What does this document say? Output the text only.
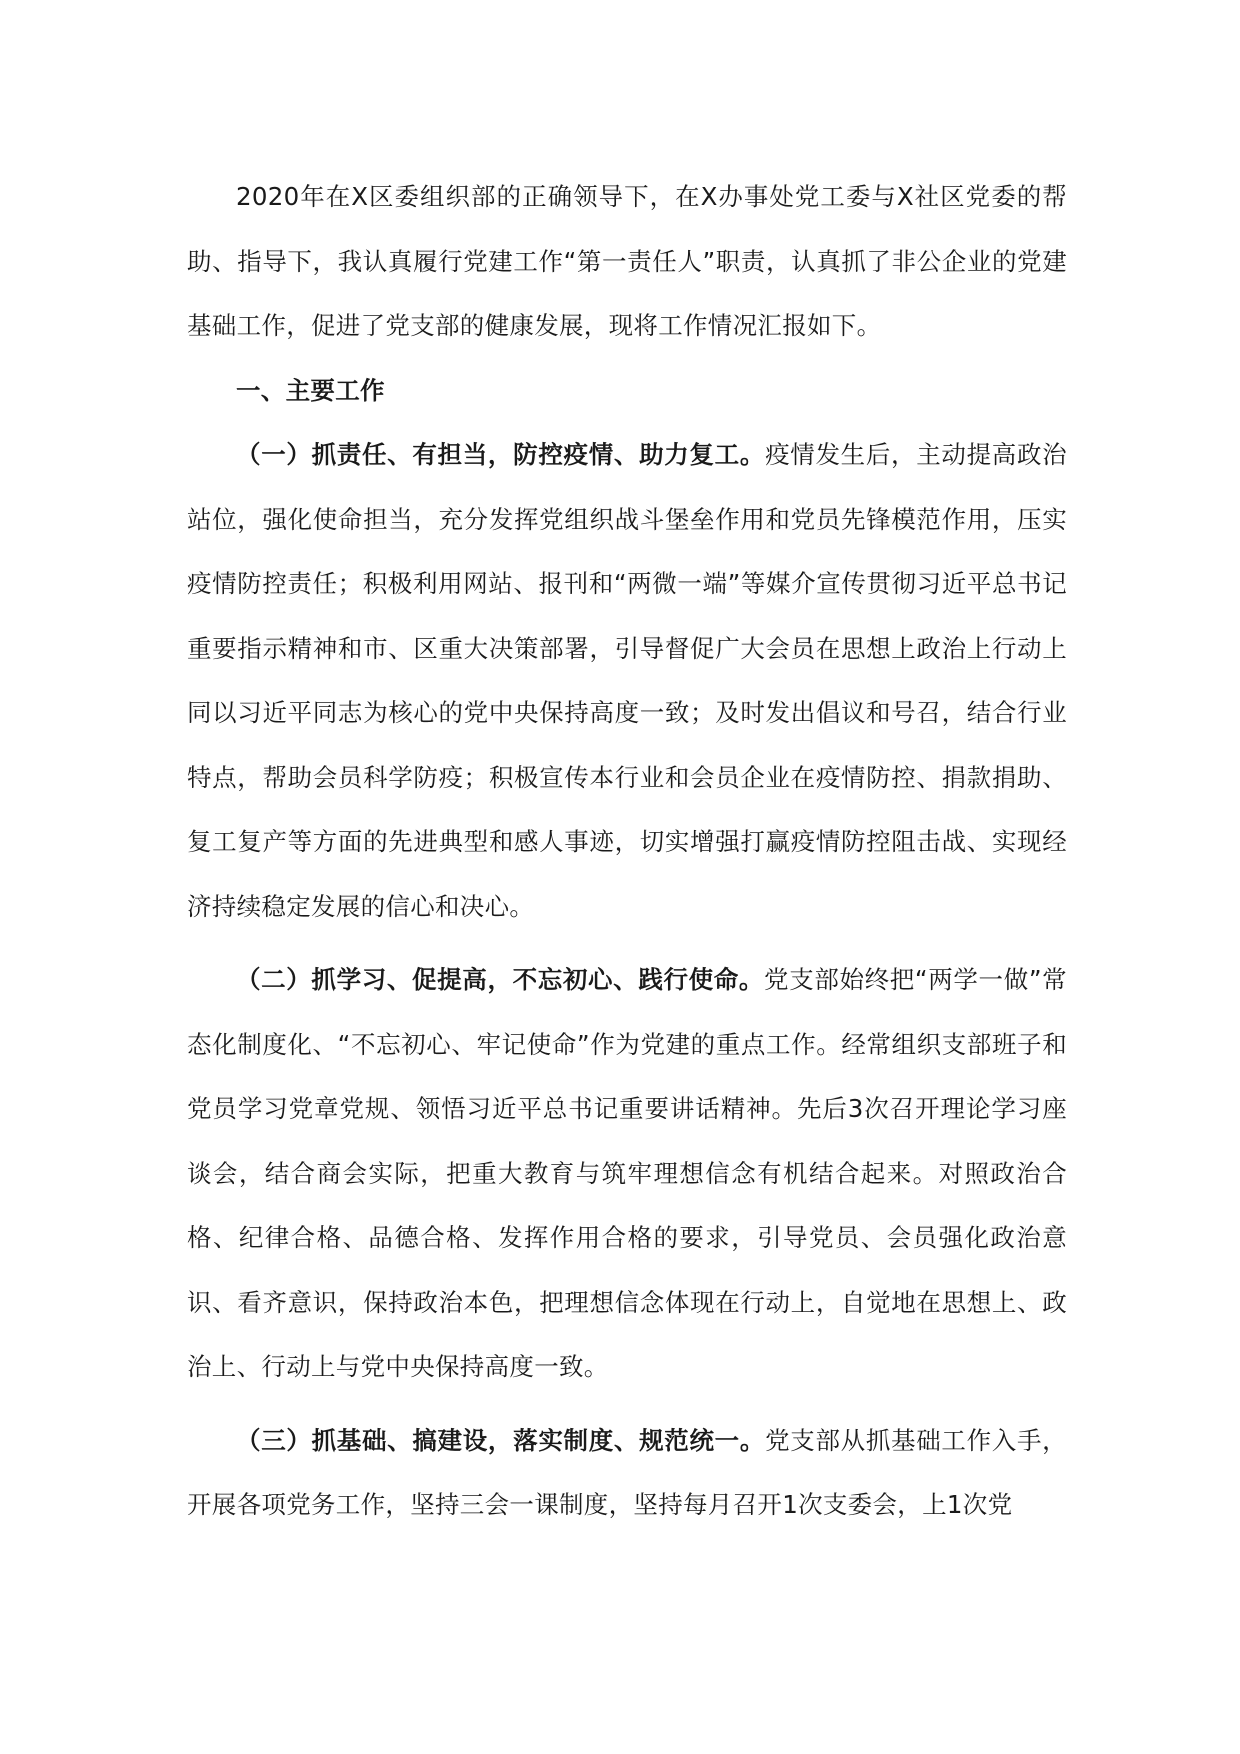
2020年在X区委组织部的正确领导下，在X办事处党工委与X社区党委的帮助、指导下，我认真履行党建工作“第一责任人”职责，认真抓了非公企业的党建基础工作，促进了党支部的健康发展，现将工作情况汇报如下。

一、主要工作

（一）抓责任、有担当，防控疫情、助力复工。疫情发生后，主动提高政治站位，强化使命担当，充分发挥党组织战斗堡垒作用和党员先锋模范作用，压实疫情防控责任；积极利用网站、报刊和“两微一端”等媒介宣传贯彻习近平总书记重要指示精神和市、区重大决策部署，引导督促广大会员在思想上政治上行动上同以习近平同志为核心的党中央保持高度一致；及时发出倡议和号召，结合行业特点，帮助会员科学防疫；积极宣传本行业和会员企业在疫情防控、捐款捐助、复工复产等方面的先进典型和感人事迹，切实增强打赢疫情防控阻击战、实现经济持续稳定发展的信心和决心。

（二）抓学习、促提高，不忘初心、践行使命。党支部始终把“两学一做”常态化制度化、“不忘初心、牢记使命”作为党建的重点工作。经常组织支部班子和党员学习党章党规、领悟习近平总书记重要讲话精神。先后3次召开理论学习座谈会，结合商会实际，把重大教育与筑牢理想信念有机结合起来。对照政治合格、纪律合格、品德合格、发挥作用合格的要求，引导党员、会员强化政治意识、看齐意识，保持政治本色，把理想信念体现在行动上，自觉地在思想上、政治上、行动上与党中央保持高度一致。

（三）抓基础、搞建设，落实制度、规范统一。党支部从抓基础工作入手，开展各项党务工作，坚持三会一课制度，坚持每月召开1次支委会，上1次党
